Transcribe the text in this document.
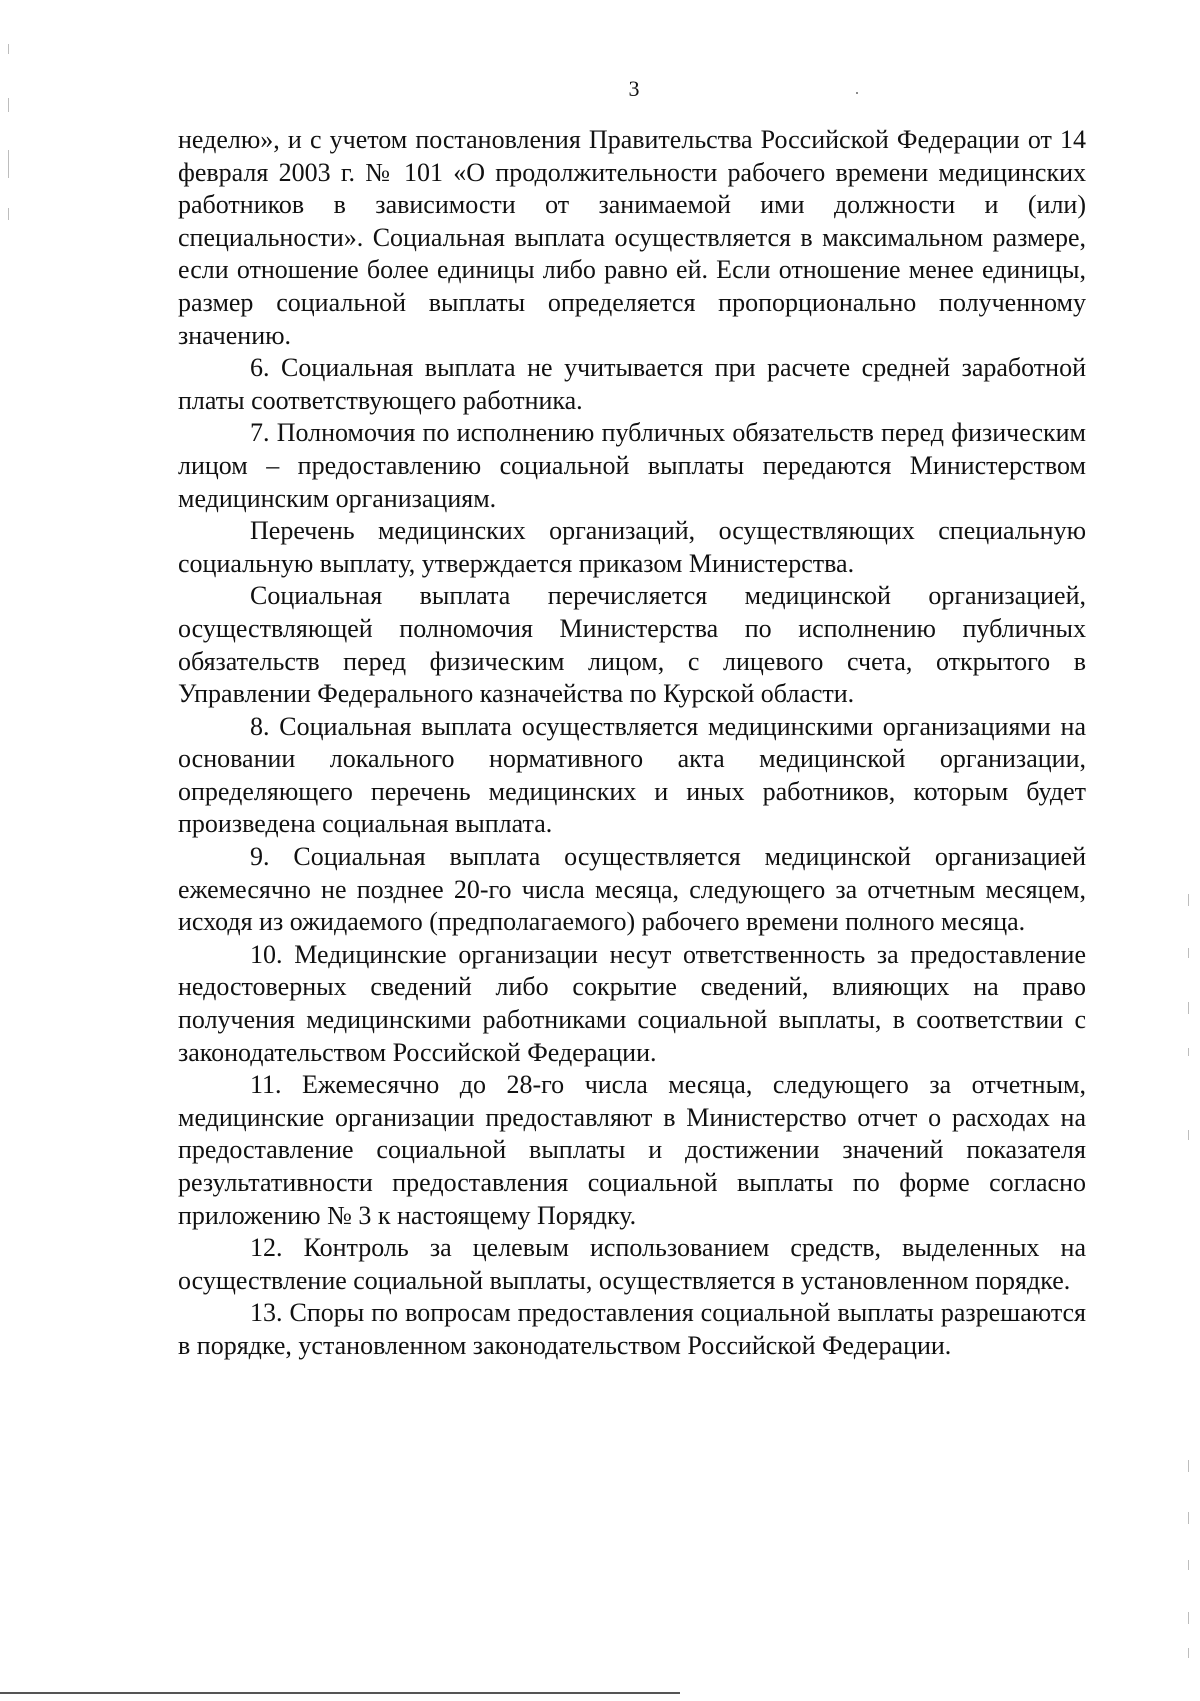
3

неделю», и с учетом постановления Правительства Российской Федерации от 14 февраля 2003 г. № 101 «О продолжительности рабочего времени медицинских работников в зависимости от занимаемой ими должности и (или) специальности». Социальная выплата осуществляется в максимальном размере, если отношение более единицы либо равно ей. Если отношение менее единицы, размер социальной выплаты определяется пропорционально полученному значению.

6. Социальная выплата не учитывается при расчете средней заработной платы соответствующего работника.

7. Полномочия по исполнению публичных обязательств перед физическим лицом – предоставлению социальной выплаты передаются Министерством медицинским организациям.

Перечень медицинских организаций, осуществляющих специальную социальную выплату, утверждается приказом Министерства.

Социальная выплата перечисляется медицинской организацией, осуществляющей полномочия Министерства по исполнению публичных обязательств перед физическим лицом, с лицевого счета, открытого в Управлении Федерального казначейства по Курской области.

8. Социальная выплата осуществляется медицинскими организациями на основании локального нормативного акта медицинской организации, определяющего перечень медицинских и иных работников, которым будет произведена социальная выплата.

9. Социальная выплата осуществляется медицинской организацией ежемесячно не позднее 20-го числа месяца, следующего за отчетным месяцем, исходя из ожидаемого (предполагаемого) рабочего времени полного месяца.

10. Медицинские организации несут ответственность за предоставление недостоверных сведений либо сокрытие сведений, влияющих на право получения медицинскими работниками социальной выплаты, в соответствии с законодательством Российской Федерации.

11. Ежемесячно до 28-го числа месяца, следующего за отчетным, медицинские организации предоставляют в Министерство отчет о расходах на предоставление социальной выплаты и достижении значений показателя результативности предоставления социальной выплаты по форме согласно приложению № 3 к настоящему Порядку.

12. Контроль за целевым использованием средств, выделенных на осуществление социальной выплаты, осуществляется в установленном порядке.

13. Споры по вопросам предоставления социальной выплаты разрешаются в порядке, установленном законодательством Российской Федерации.
